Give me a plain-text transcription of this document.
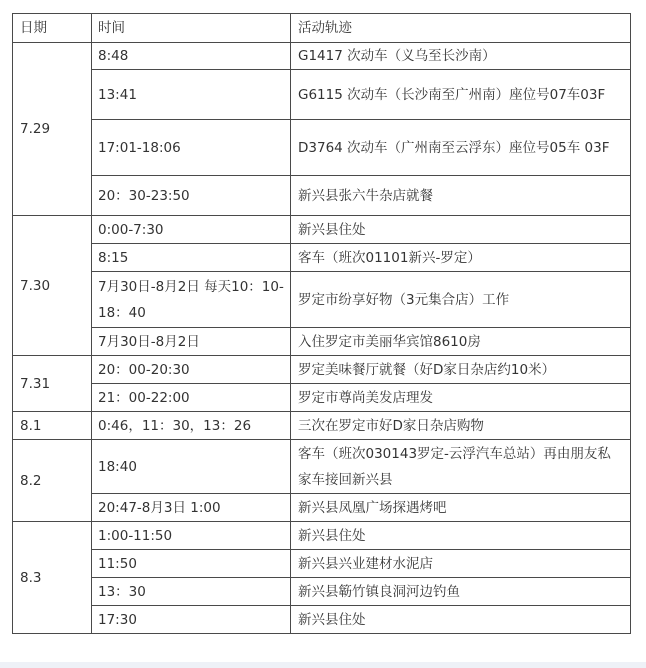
日期	时间	活动轨迹
7.29	8:48	G1417 次动车（义乌至长沙南）
	13:41	G6115 次动车（长沙南至广州南）座位号07车03F
	17:01-18:06	D3764 次动车（广州南至云浮东）座位号05车 03F
	20：30-23:50	新兴县张六牛杂店就餐
7.30	0:00-7:30	新兴县住处
	8:15	客车（班次01101新兴-罗定）
	7月30日-8月2日 每天10：10-18：40	罗定市纷享好物（3元集合店）工作
	7月30日-8月2日	入住罗定市美丽华宾馆8610房
7.31	20：00-20:30	罗定美味餐厅就餐（好D家日杂店约10米）
	21：00-22:00	罗定市尊尚美发店理发
8.1	0:46，11：30，13：26	三次在罗定市好D家日杂店购物
8.2	18:40	客车（班次030143罗定-云浮汽车总站）再由朋友私家车接回新兴县
	20:47-8月3日 1:00	新兴县凤凰广场探遇烤吧
8.3	1:00-11:50	新兴县住处
	11:50	新兴县兴业建材水泥店
	13：30	新兴县簕竹镇良洞河边钓鱼
	17:30	新兴县住处
